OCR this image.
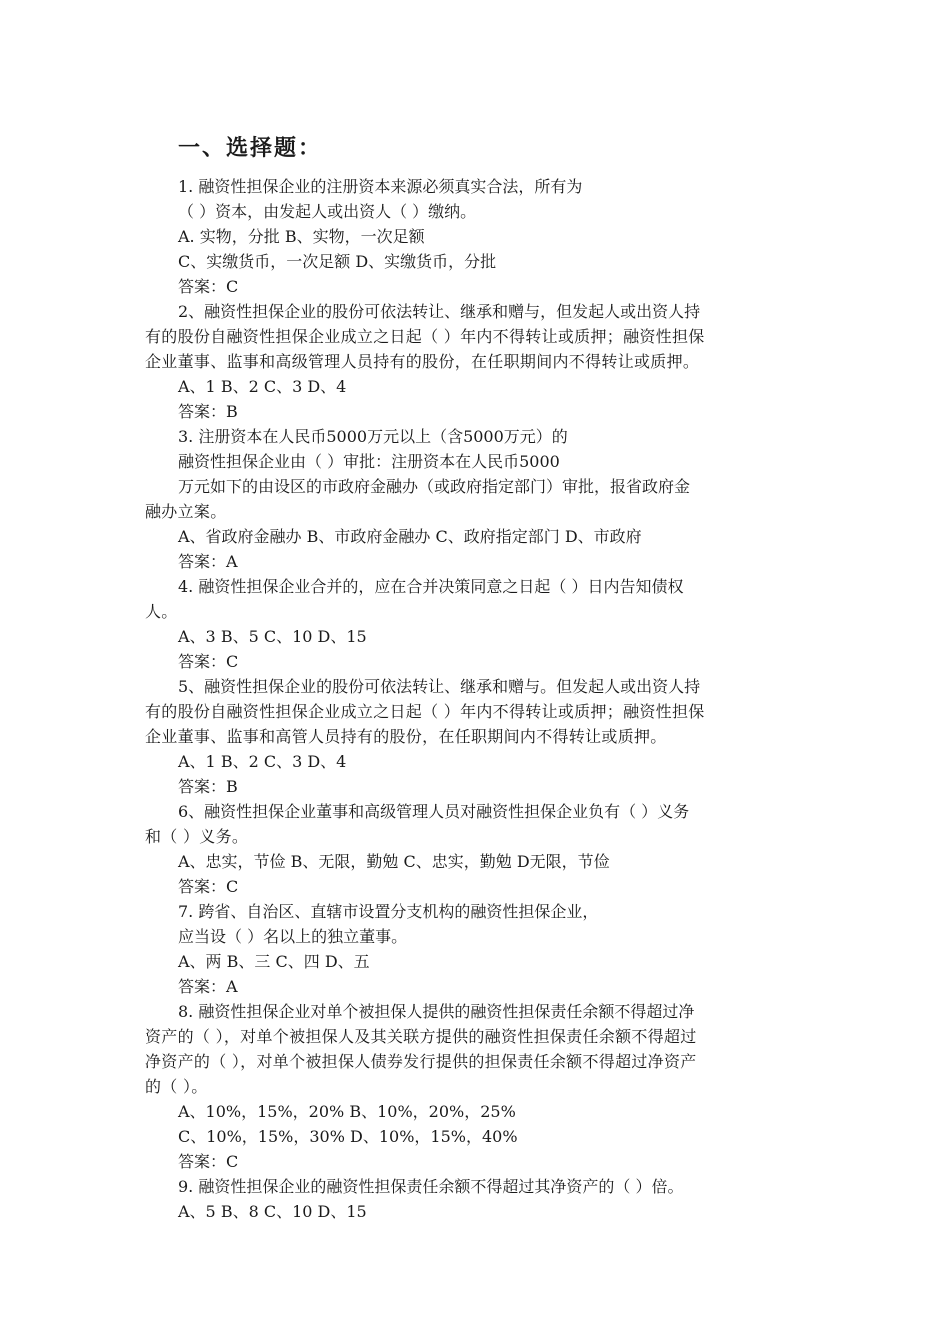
一、选择题：
1. 融资性担保企业的注册资本来源必须真实合法，所有为
（ ）资本，由发起人或出资人（ ）缴纳。
A. 实物，分批 B、实物，一次足额
C、实缴货币，一次足额 D、实缴货币，分批
答案：C
2、融资性担保企业的股份可依法转让、继承和赠与，但发起人或出资人持
有的股份自融资性担保企业成立之日起（ ）年内不得转让或质押；融资性担保
企业董事、监事和高级管理人员持有的股份，在任职期间内不得转让或质押。
A、1 B、2 C、3 D、4
答案：B
3. 注册资本在人民币5000万元以上（含5000万元）的
融资性担保企业由（ ）审批：注册资本在人民币5000
万元如下的由设区的市政府金融办（或政府指定部门）审批，报省政府金
融办立案。
A、省政府金融办 B、市政府金融办 C、政府指定部门 D、市政府
答案：A
4. 融资性担保企业合并的，应在合并决策同意之日起（ ）日内告知债权
人。
A、3 B、5 C、10 D、15
答案：C
5、融资性担保企业的股份可依法转让、继承和赠与。但发起人或出资人持
有的股份自融资性担保企业成立之日起（ ）年内不得转让或质押；融资性担保
企业董事、监事和高管人员持有的股份，在任职期间内不得转让或质押。
A、1 B、2 C、3 D、4
答案：B
6、融资性担保企业董事和高级管理人员对融资性担保企业负有（ ）义务
和（ ）义务。
A、忠实，节俭 B、无限，勤勉 C、忠实，勤勉 D无限，节俭
答案：C
7. 跨省、自治区、直辖市设置分支机构的融资性担保企业，
应当设（ ）名以上的独立董事。
A、两 B、三 C、四 D、五
答案：A
8. 融资性担保企业对单个被担保人提供的融资性担保责任余额不得超过净
资产的（ ），对单个被担保人及其关联方提供的融资性担保责任余额不得超过
净资产的（ ），对单个被担保人债券发行提供的担保责任余额不得超过净资产
的（ ）。
A、10%，15%，20% B、10%，20%，25%
C、10%，15%，30% D、10%，15%，40%
答案：C
9. 融资性担保企业的融资性担保责任余额不得超过其净资产的（ ）倍。
A、5 B、8 C、10 D、15
